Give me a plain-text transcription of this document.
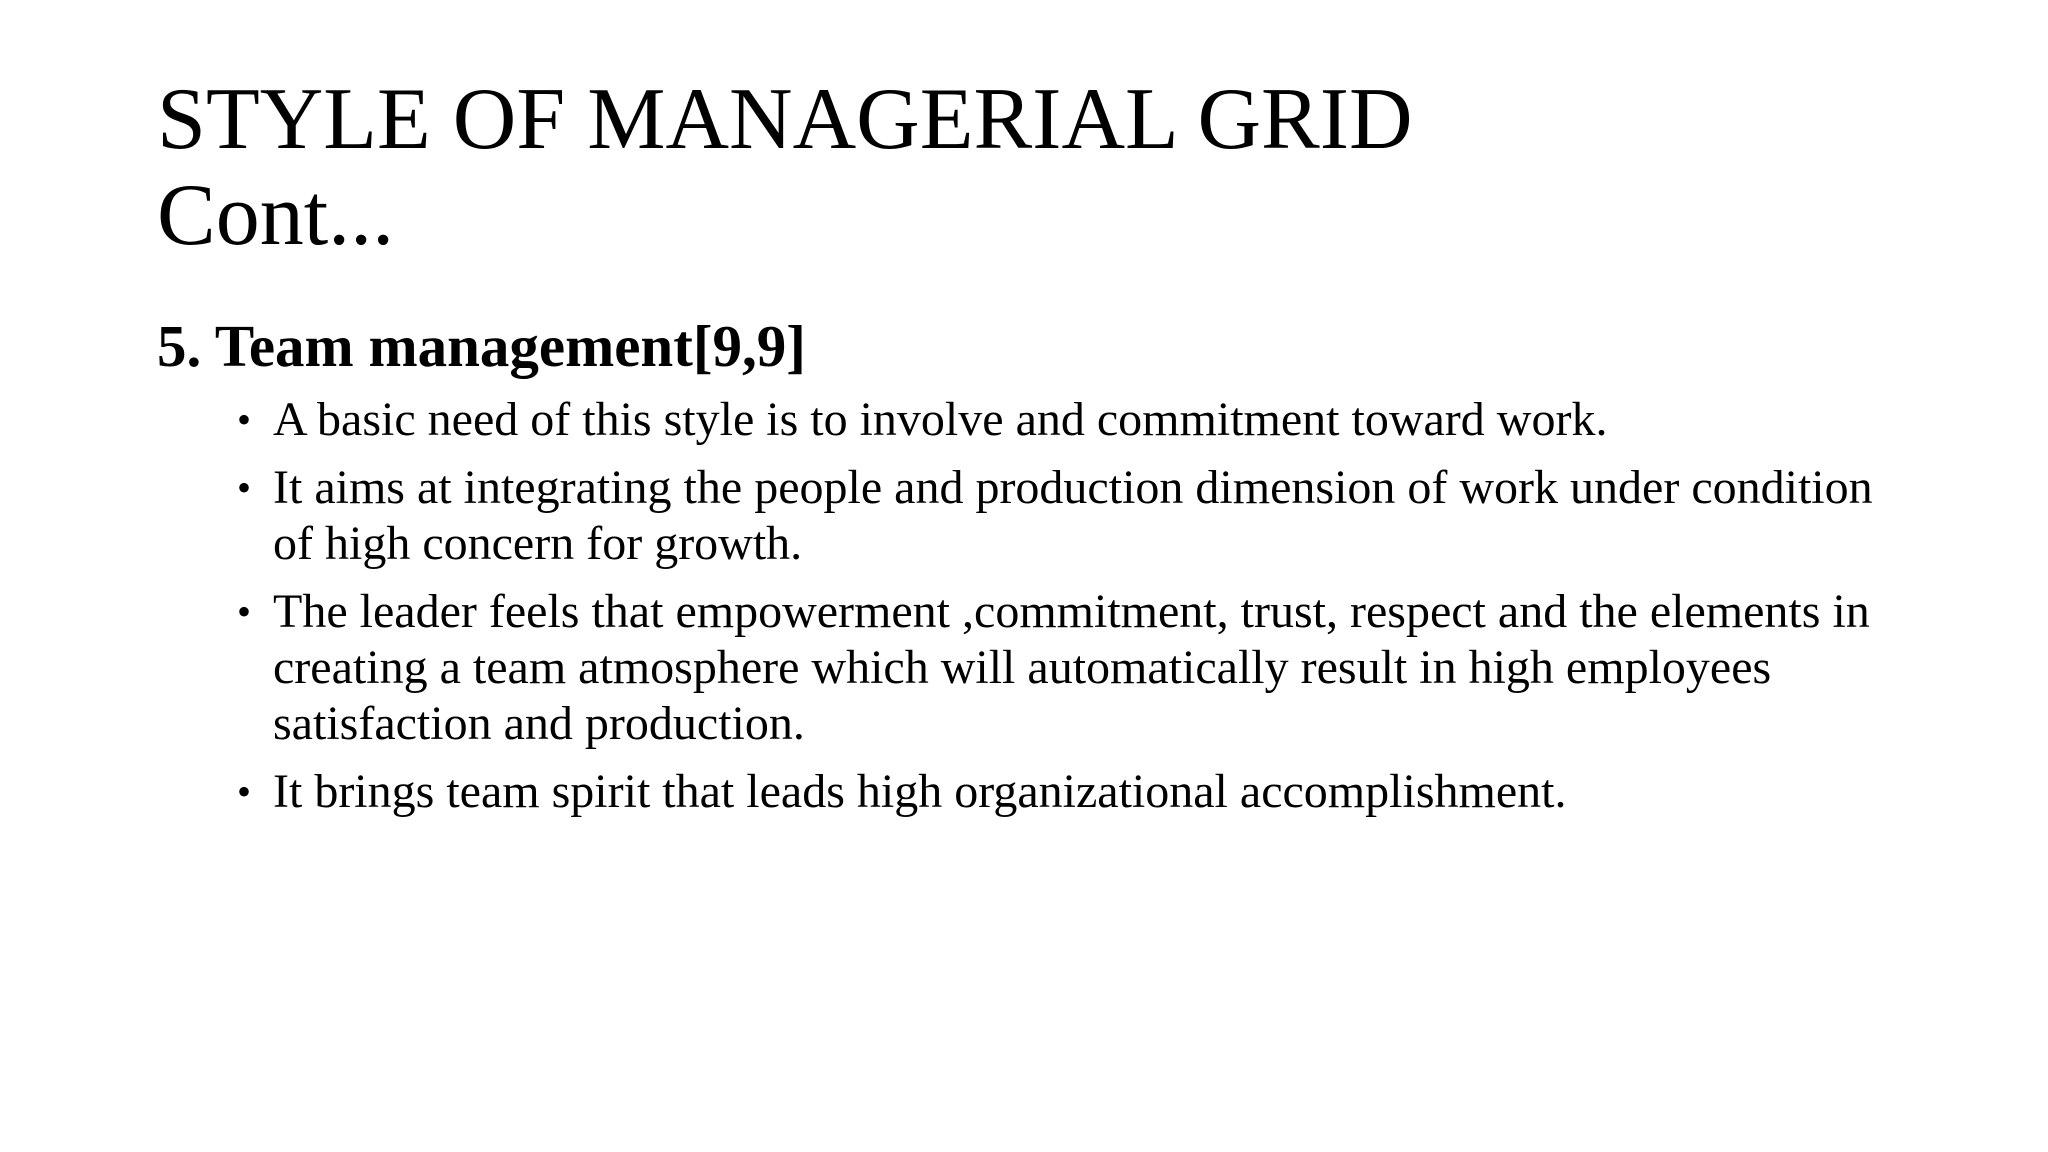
STYLE OF MANAGERIAL GRID
Cont...
5. Team management[9,9]
• A basic need of this style is to involve and commitment toward work.
• It aims at integrating the people and production dimension of work under condition of high concern for growth.
• The leader feels that empowerment ,commitment, trust, respect and the elements in creating a team atmosphere which will automatically result in high employees satisfaction and production.
• It brings team spirit that leads high organizational accomplishment.
